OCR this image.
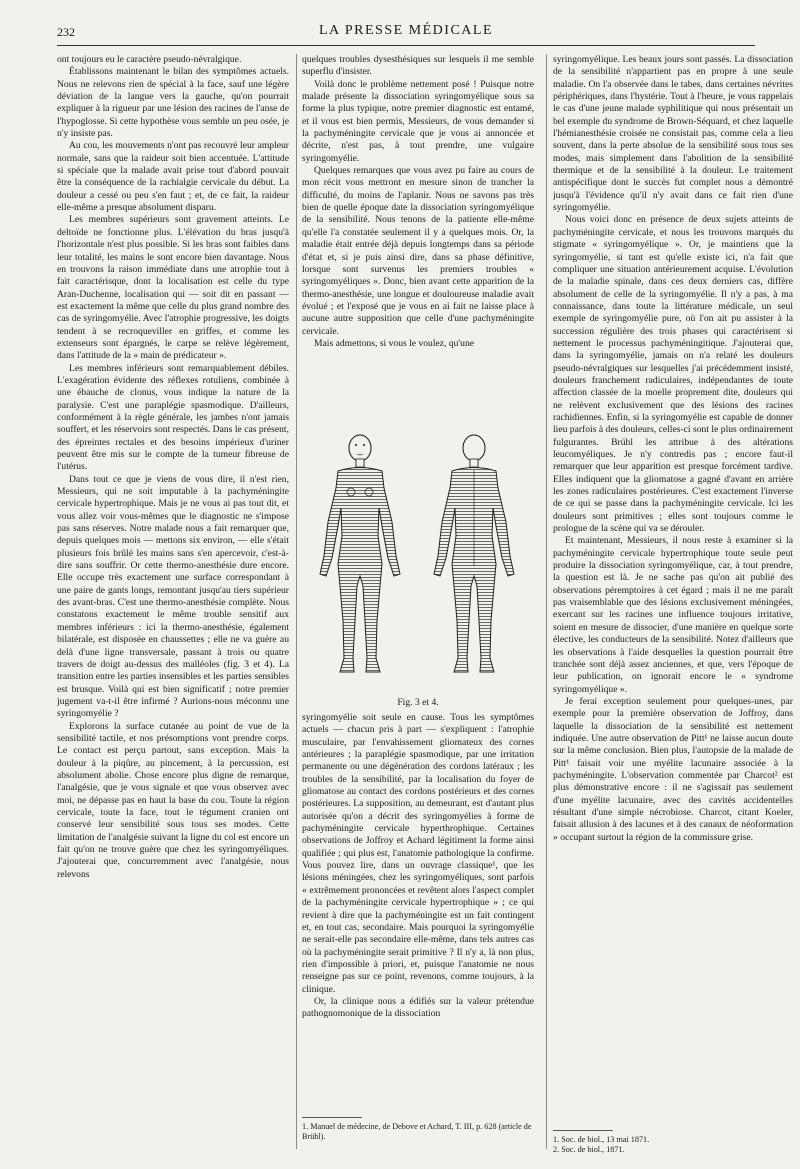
232	LA PRESSE MÉDICALE

ont toujours eu le caractère pseudo-névralgique.

Établissons maintenant le bilan des symptômes actuels. Nous ne relevons rien de spécial à la face, sauf une légère déviation de la langue vers la gauche, qu'on pourrait expliquer à la rigueur par une lésion des racines de l'anse de l'hypoglosse. Si cette hypothèse vous semble un peu osée, je n'y insiste pas.

Au cou, les mouvements n'ont pas recouvré leur ampleur normale, sans que la raideur soit bien accentuée. L'attitude si spéciale que la malade avait prise tout d'abord pouvait être la conséquence de la rachialgie cervicale du début. La douleur a cessé ou peu s'en faut ; et, de ce fait, la raideur elle-même a presque absolument disparu.

Les membres supérieurs sont gravement atteints. Le deltoïde ne fonctionne plus. L'élévation du bras jusqu'à l'horizontale n'est plus possible. Si les bras sont faibles dans leur totalité, les mains le sont encore bien davantage. Nous en trouvons la raison immédiate dans une atrophie tout à fait caractérisque, dont la localisation est celle du type Aran-Duchenne, localisation qui — soit dit en passant — est exactement la même que celle du plus grand nombre des cas de syringomyélie. Avec l'atrophie progressive, les doigts tendent à se recroqueviller en griffes, et comme les extenseurs sont épargnés, le carpe se relève légèrement, dans l'attitude de la « main de prédicateur ».

Les membres inférieurs sont remarquablement débiles. L'exagération évidente des réflexes rotuliens, combinée à une ébauche de clonus, vous indique la nature de la paralysie. C'est une paraplégie spasmodique. D'ailleurs, conformément à la règle générale, les jambes n'ont jamais souffert, et les réservoirs sont respectés. Dans le cas présent, des épreintes rectales et des besoins impérieux d'uriner peuvent être mis sur le compte de la tumeur fibreuse de l'utérus.

Dans tout ce que je viens de vous dire, il n'est rien, Messieurs, qui ne soit imputable à la pachyméningite cervicale hypertrophique. Mais je ne vous ai pas tout dit, et vous allez voir vous-mêmes que le diagnostic ne s'impose pas sans réserves. Notre malade nous a fait remarquer que, depuis quelques mois — mettons six environ, — elle s'était plusieurs fois brûlé les mains sans s'en apercevoir, c'est-à-dire sans souffrir. Or cette thermo-anesthésie dure encore. Elle occupe très exactement une surface correspondant à une paire de gants longs, remontant jusqu'au tiers supérieur des avant-bras. C'est une thermo-anesthésie complète. Nous constatons exactement le même trouble sensitif aux membres inférieurs : ici la thermo-anesthésie, également bilatérale, est disposée en chaussettes ; elle ne va guère au delà d'une ligne transversale, passant à trois ou quatre travers de doigt au-dessus des malléoles (fig. 3 et 4). La transition entre les parties insensibles et les parties sensibles est brusque. Voilà qui est bien significatif ; notre premier jugement va-t-il être infirmé ? Aurions-nous méconnu une syringomyélie ?

Explorons la surface cutanée au point de vue de la sensibilité tactile, et nos présomptions vont prendre corps. Le contact est perçu partout, sans exception. Mais la douleur à la piqûre, au pincement, à la percussion, est absolument abolie. Chose encore plus digne de remarque, l'analgésie, que je vous signale et que vous observez avec moi, ne dépasse pas en haut la base du cou. Toute la région cervicale, toute la face, tout le tégument cranien ont conservé leur sensibilité sous tous ses modes. Cette limitation de l'analgésie suivant la ligne du col est encore un fait qu'on ne trouve guère que chez les syringomyéliques. J'ajouterai que, concurremment avec l'analgésie, nous relevons

quelques troubles dysesthésiques sur lesquels il me semble superflu d'insister.

Voilà donc le problème nettement posé ! Puisque notre malade présente la dissociation syringomyélique sous sa forme la plus typique, notre premier diagnostic est entamé, et il vous est bien permis, Messieurs, de vous demander si la pachyméningite cervicale que je vous ai annoncée et décrite, n'est pas, à tout prendre, une vulgaire syringomyélie.

Quelques remarques que vous avez pu faire au cours de mon récit vous mettront en mesure sinon de trancher la difficulté, du moins de l'aplanir. Nous ne savons pas très bien de quelle époque date la dissociation syringomyélique de la sensibilité. Nous tenons de la patiente elle-même qu'elle l'a constatée seulement il y a quelques mois. Or, la maladie était entrée déjà depuis longtemps dans sa période d'état et, si je puis ainsi dire, dans sa phase définitive, lorsque sont survenus les premiers troubles « syringomyéliques ». Donc, bien avant cette apparition de la thermo-anesthésie, une longue et douloureuse maladie avait évolué ; et l'exposé que je vous en ai fait ne laisse place à aucune autre supposition que celle d'une pachyméningite cervicale.

Mais admettons, si vous le voulez, qu'une

Fig. 3 et 4.

syringomyélie soit seule en cause. Tous les symptômes actuels — chacun pris à part — s'expliquent : l'atrophie musculaire, par l'envahissement gliomateux des cornes antérieures ; la paraplégie spasmodique, par une irritation permanente ou une dégénération des cordons latéraux ; les troubles de la sensibilité, par la localisation du foyer de gliomatose au contact des cordons postérieurs et des cornes postérieures. La supposition, au demeurant, est d'autant plus autorisée qu'on a décrit des syringomyélies à forme de pachyméningite cervicale hyperthrophique. Certaines observations de Joffroy et Achard légitiment la forme ainsi qualifiée ; qui plus est, l'anatomie pathologique la confirme. Vous pouvez lire, dans un ouvrage classique¹, que les lésions méningées, chez les syringomyéliques, sont parfois « extrêmement prononcées et revêtent alors l'aspect complet de la pachyméningite cervicale hypertrophique » ; ce qui revient à dire que la pachyméningite est un fait contingent et, en tout cas, secondaire. Mais pourquoi la syringomyélie ne serait-elle pas secondaire elle-même, dans tels autres cas où la pachyméningite serait primitive ? Il n'y a, là non plus, rien d'impossible à priori, et, puisque l'anatomie ne nous renseigne pas sur ce point, revenons, comme toujours, à la clinique.

Or, la clinique nous a édifiés sur la valeur prétendue pathognomonique de la dissociation

1. Manuel de médecine, de Debove et Achard, T. III, p. 628 (article de Brühl).

syringomyélique. Les beaux jours sont passés. La dissociation de la sensibilité n'appartient pas en propre à une seule maladie. On l'a observée dans le tabes, dans certaines névrites périphériques, dans l'hystérie. Tout à l'heure, je vous rappelais le cas d'une jeune malade syphilitique qui nous présentait un bel exemple du syndrome de Brown-Séquard, et chez laquelle l'hémianesthésie croisée ne consistait pas, comme cela a lieu souvent, dans la perte absolue de la sensibilité sous tous ses modes, mais simplement dans l'abolition de la sensibilité thermique et de la sensibilité à la douleur. Le traitement antispécifique dont le succès fut complet nous a démontré jusqu'à l'évidence qu'il n'y avait dans ce fait rien d'une syringomyélie.

Nous voici donc en présence de deux sujets atteints de pachyméningite cervicale, et nous les trouvons marqués du stigmate « syringomyélique ». Or, je maintiens que la syringomyélie, si tant est qu'elle existe ici, n'a fait que compliquer une situation antérieurement acquise. L'évolution de la maladie spinale, dans ces deux derniers cas, diffère absolument de celle de la syringomyélie. Il n'y a pas, à ma connaissance, dans toute la littérature médicale, un seul exemple de syringomyélie pure, où l'on ait pu assister à la succession régulière des trois phases qui caractérisent si nettement le processus pachyméningitique. J'ajouterai que, dans la syringomyélie, jamais on n'a relaté les douleurs pseudo-névralgiques sur lesquelles j'ai précédemment insisté, douleurs franchement radiculaires, indépendantes de toute affection classée de la moelle proprement dite, douleurs qui ne relèvent exclusivement que des lésions des racines rachidiennes. Enfin, si la syringomyélie est capable de donner lieu parfois à des douleurs, celles-ci sont le plus ordinairement fulgurantes. Brühl les attribue à des altérations leucomyéliques. Je n'y contredis pas ; encore faut-il remarquer que leur apparition est presque forcément tardive. Elles indiquent que la gliomatose a gagné d'avant en arrière les zones radiculaires postérieures. C'est exactement l'inverse de ce qui se passe dans la pachyméningite cervicale. Ici les douleurs sont primitives ; elles sont toujours comme le prologue de la scène qui va se dérouler.

Et maintenant, Messieurs, il nous reste à examiner si la pachyméningite cervicale hypertrophique toute seule peut produire la dissociation syringomyélique, car, à tout prendre, la question est là. Je ne sache pas qu'on ait publié des observations péremptoires à cet égard ; mais il ne me paraît pas vraisemblable que des lésions exclusivement méningées, exercant sur les racines une influence toujours irritative, soient en mesure de dissocier, d'une manière en quelque sorte élective, les conducteurs de la sensibilité. Notez d'ailleurs que les observations à l'aide desquelles la question pourrait être tranchée sont déjà assez anciennes, et que, vers l'époque de leur publication, on ignorait encore le « syndrome syringomyélique ».

Je ferai exception seulement pour quelques-unes, par exemple pour la première observation de Joffroy, dans laquelle la dissociation de la sensibilité est nettement indiquée. Une autre observation de Pitt¹ ne laisse aucun doute sur la même conclusion. Bien plus, l'autopsie de la malade de Pitt¹ faisait voir une myélite lacunaire associée à la pachyméningite. L'observation commentée par Charcot² est plus démonstrative encore : il ne s'agissait pas seulement d'une myélite lacunaire, avec des cavités accidentelles résultant d'une simple nécrobiose. Charcot, citant Koeler, faisait allusion à des lacunes et à des canaux de néoformation » occupant surtout la région de la commissure grise.

1. Soc. de biol., 13 mai 1871.
2. Soc. de biol., 1871.
